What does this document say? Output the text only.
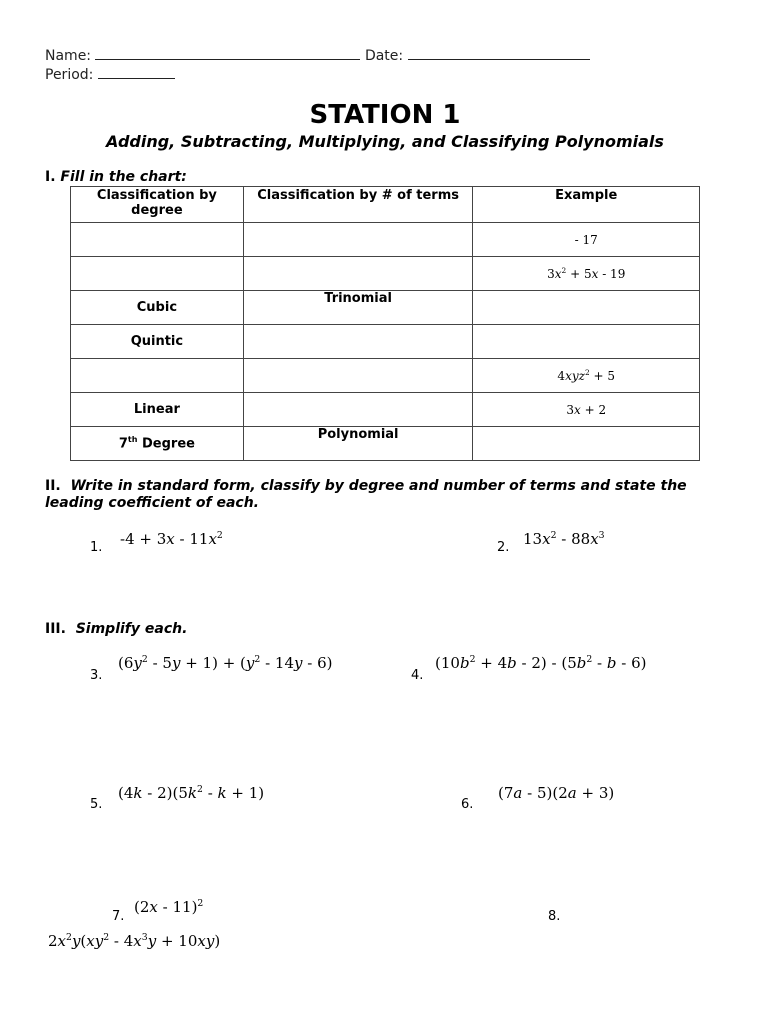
Name:	Date:
Period:
STATION 1
Adding, Subtracting, Multiplying, and Classifying Polynomials
I. Fill in the chart:
Classification by degree	Classification by # of terms	Example
		- 17
		$3x^2 + 5x - 19$
Cubic	Trinomial	
Quintic		
		4xyz$^2$ + 5
Linear		3x + 2
7th Degree	Polynomial	
II. Write in standard form, classify by degree and number of terms and state the leading coefficient of each.
1. $-4 + 3x - 11x^2$
2. $13x^2 - 88x^3$
III. Simplify each.
3.
$(6y^2 - 5y + 1) + (y^2 - 14y - 6)$
4.
$(10b^2 + 4b - 2) - (5b^2 - b - 6)$
5.
$(4k - 2)(5k^2 - k + 1)$
6.
(7a - 5)(2a + 3)
7.
(2x - 11)$^2$
8.
$2x^2y(xy^2 - 4x^3y + 10xy)$
